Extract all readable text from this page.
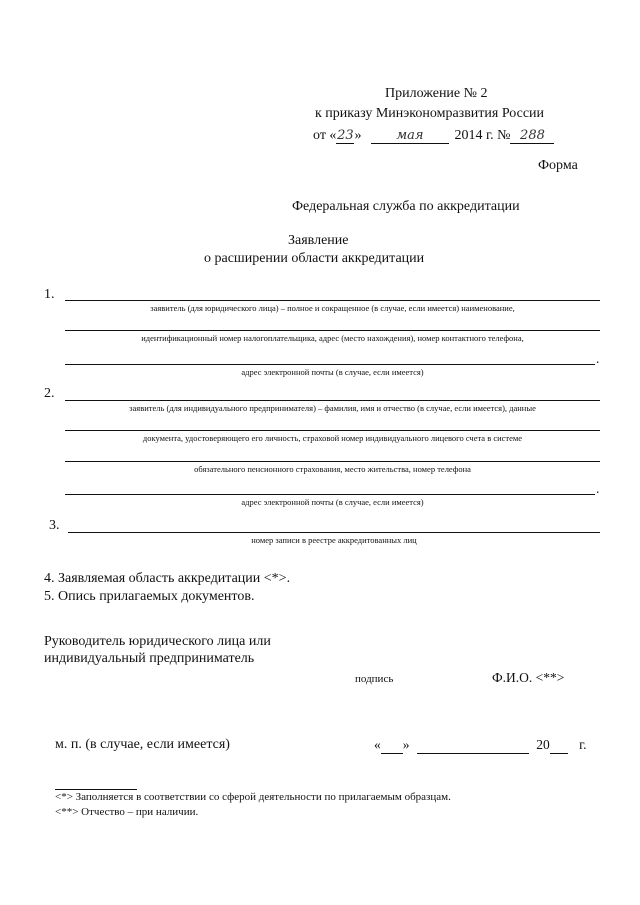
Приложение № 2
к приказу Минэкономразвития России
от «23»	мая 2014 г. № 288
Форма
Федеральная служба по аккредитации
Заявление
о расширении области аккредитации
1.
заявитель (для юридического лица) – полное и сокращенное (в случае, если имеется) наименование,
идентификационный номер налогоплательщика, адрес (место нахождения), номер контактного телефона,
.
адрес электронной почты (в случае, если имеется)
2.
заявитель (для индивидуального предпринимателя) – фамилия, имя и отчество (в случае, если имеется), данные
документа, удостоверяющего его личность, страховой номер индивидуального лицевого счета в системе
обязательного пенсионного страхования, место жительства, номер телефона
.
адрес электронной почты (в случае, если имеется)
3.
номер записи в реестре аккредитованных лиц
4. Заявляемая область аккредитации <*>.
5. Опись прилагаемых документов.
Руководитель юридического лица или
индивидуальный предприниматель
подпись	Ф.И.О. <**>
м. п. (в случае, если имеется)	« »	20 г.
<*> Заполняется в соответствии со сферой деятельности по прилагаемым образцам.
<**> Отчество – при наличии.
